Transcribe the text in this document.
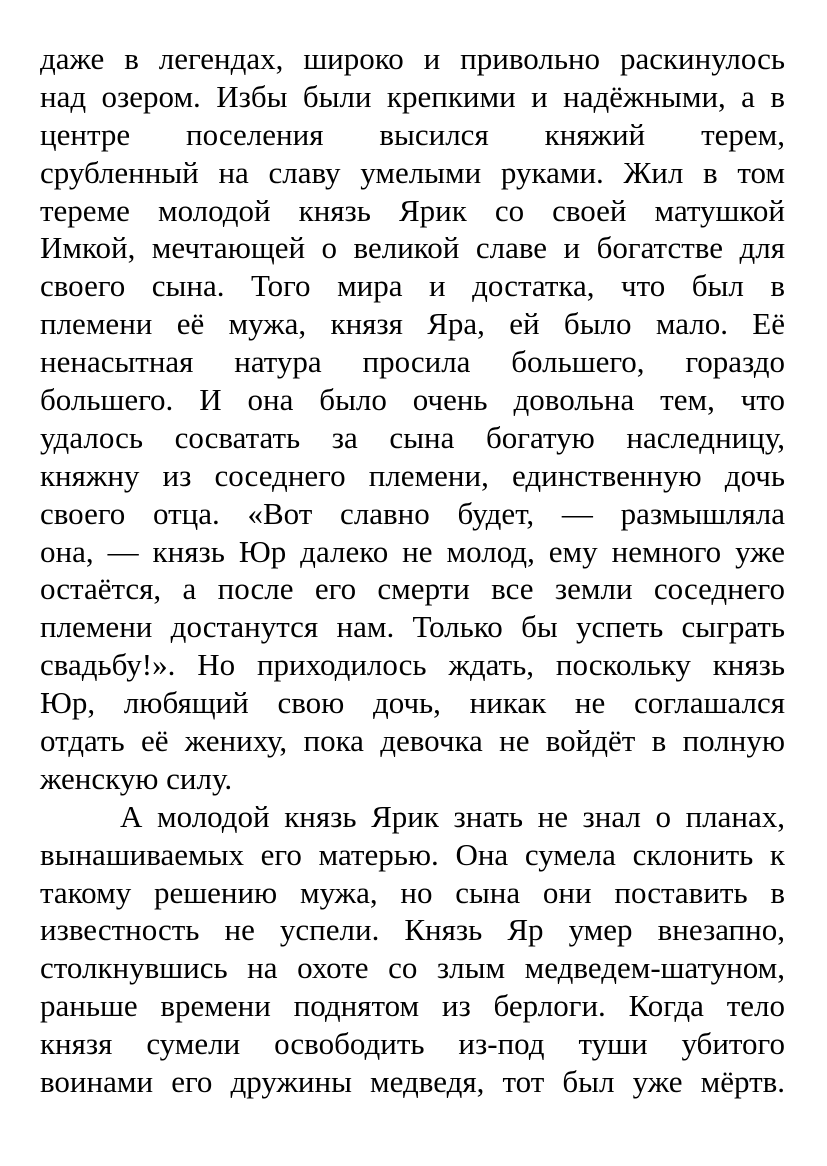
даже в легендах, широко и привольно раскинулось
над озером. Избы были крепкими и надёжными, а в
центре поселения высился княжий терем,
срубленный на славу умелыми руками. Жил в том
тереме молодой князь Ярик со своей матушкой
Имкой, мечтающей о великой славе и богатстве для
своего сына. Того мира и достатка, что был в
племени её мужа, князя Яра, ей было мало. Её
ненасытная натура просила большего, гораздо
большего. И она было очень довольна тем, что
удалось сосватать за сына богатую наследницу,
княжну из соседнего племени, единственную дочь
своего отца. «Вот славно будет, — размышляла
она, — князь Юр далеко не молод, ему немного уже
остаётся, а после его смерти все земли соседнего
племени достанутся нам. Только бы успеть сыграть
свадьбу!». Но приходилось ждать, поскольку князь
Юр, любящий свою дочь, никак не соглашался
отдать её жениху, пока девочка не войдёт в полную
женскую силу.
А молодой князь Ярик знать не знал о планах,
вынашиваемых его матерью. Она сумела склонить к
такому решению мужа, но сына они поставить в
известность не успели. Князь Яр умер внезапно,
столкнувшись на охоте со злым медведем-шатуном,
раньше времени поднятом из берлоги. Когда тело
князя сумели освободить из-под туши убитого
воинами его дружины медведя, тот был уже мёртв.
